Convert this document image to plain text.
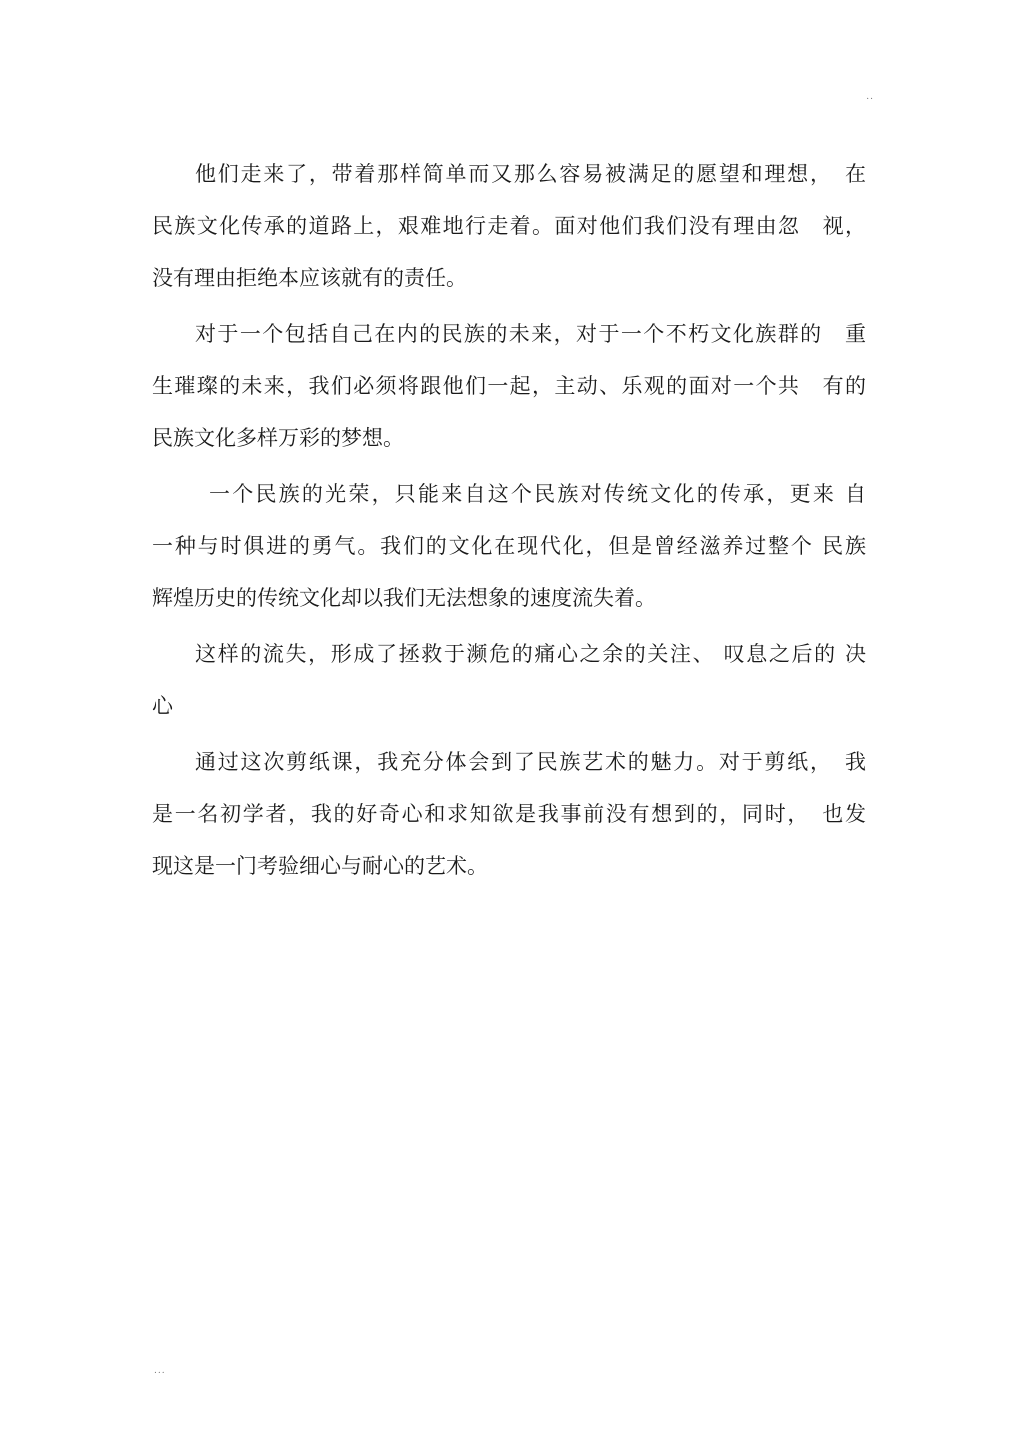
..
他们走来了，带着那样简单而又那么容易被满足的愿望和理想，　在
民族文化传承的道路上，艰难地行走着。面对他们我们没有理由忽　视，
没有理由拒绝本应该就有的责任。
对于一个包括自己在内的民族的未来，对于一个不朽文化族群的　重
生璀璨的未来，我们必须将跟他们一起，主动、乐观的面对一个共　有的
民族文化多样万彩的梦想。
一个民族的光荣，只能来自这个民族对传统文化的传承，更来 自
一种与时俱进的勇气。我们的文化在现代化，但是曾经滋养过整个 民族
辉煌历史的传统文化却以我们无法想象的速度流失着。
这样的流失，形成了拯救于濒危的痛心之余的关注、 叹息之后的 决
心
通过这次剪纸课，我充分体会到了民族艺术的魅力。对于剪纸，　我
是一名初学者，我的好奇心和求知欲是我事前没有想到的，同时，　也发
现这是一门考验细心与耐心的艺术。
...
